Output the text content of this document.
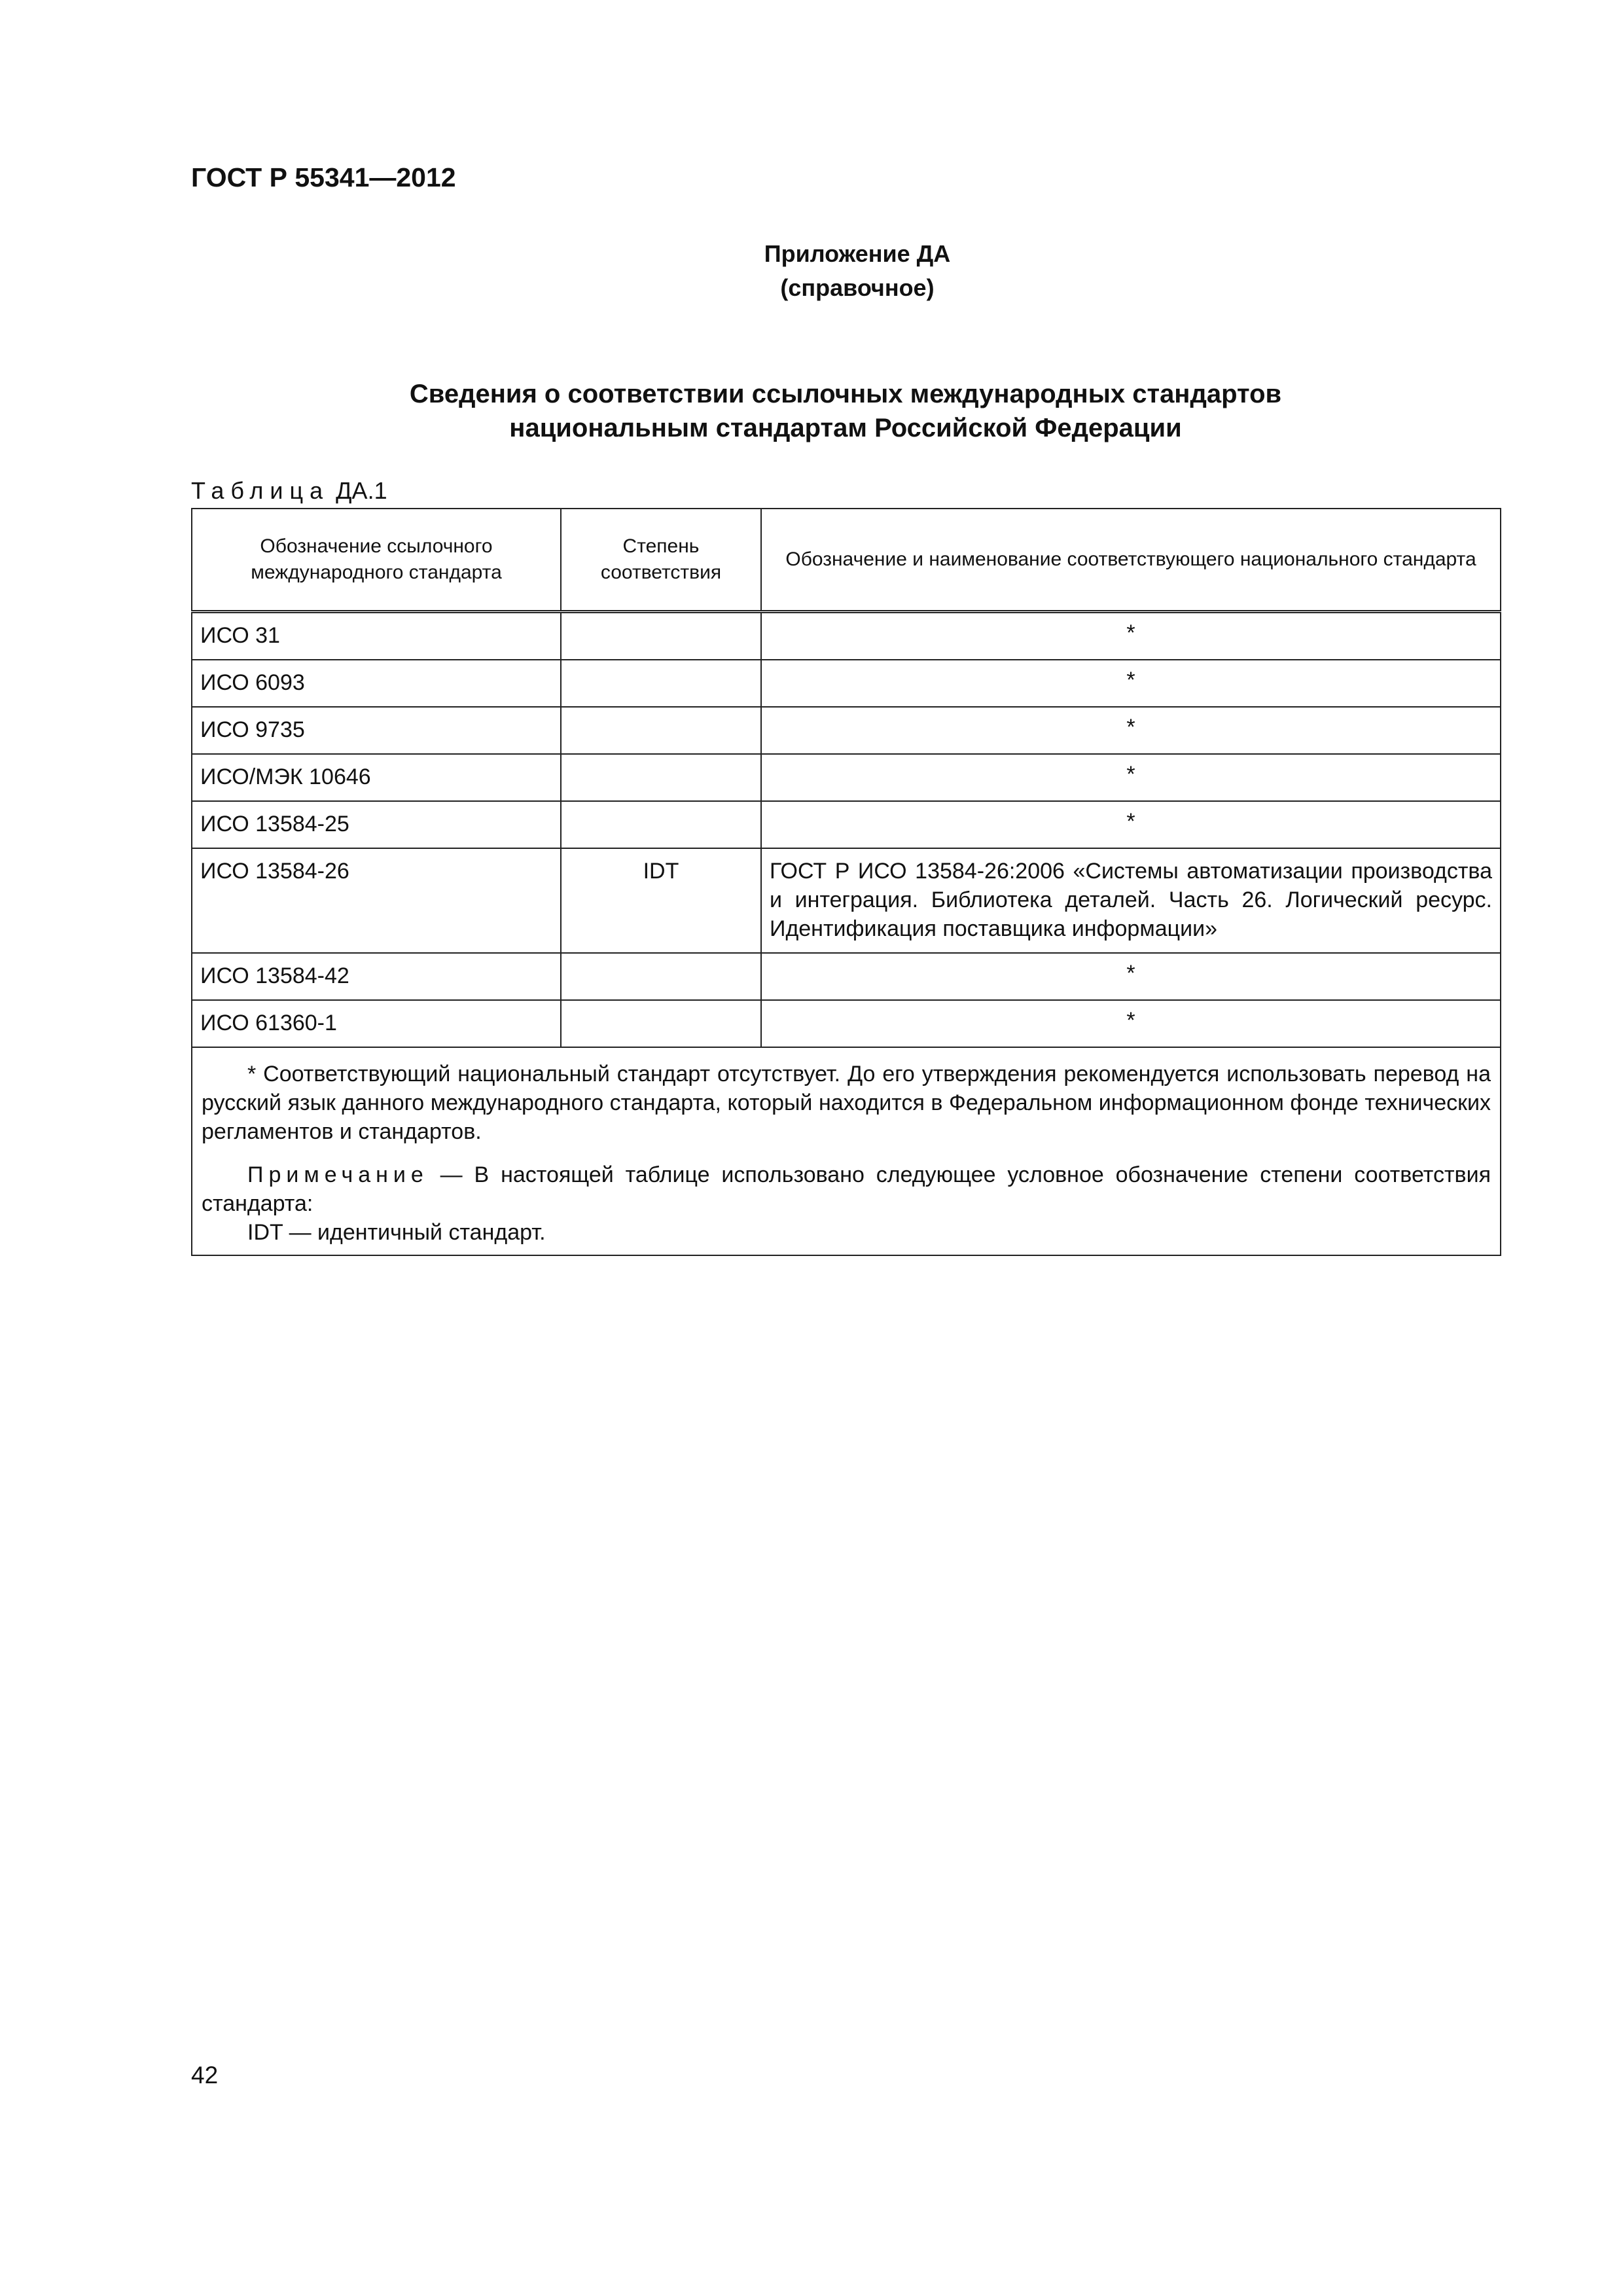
ГОСТ Р 55341—2012
Приложение ДА
(справочное)
Сведения о соответствии ссылочных международных стандартов
национальным стандартам Российской Федерации
Таблица ДА.1
Обозначение ссылочного международного стандарта	Степень соответствия	Обозначение и наименование соответствующего национального стандарта
ИСО 31		*
ИСО 6093		*
ИСО 9735		*
ИСО/МЭК 10646		*
ИСО 13584-25		*
ИСО 13584-26	IDT	ГОСТ Р ИСО 13584-26:2006 «Системы автоматизации производства и интеграция. Библиотека деталей. Часть 26. Логический ресурс. Идентификация поставщика информации»
ИСО 13584-42		*
ИСО 61360-1		*

* Соответствующий национальный стандарт отсутствует. До его утверждения рекомендуется использовать перевод на русский язык данного международного стандарта, который находится в Федеральном информационном фонде технических регламентов и стандартов.

Примечание — В настоящей таблице использовано следующее условное обозначение степени соответствия стандарта:

IDT — идентичный стандарт.		

42
